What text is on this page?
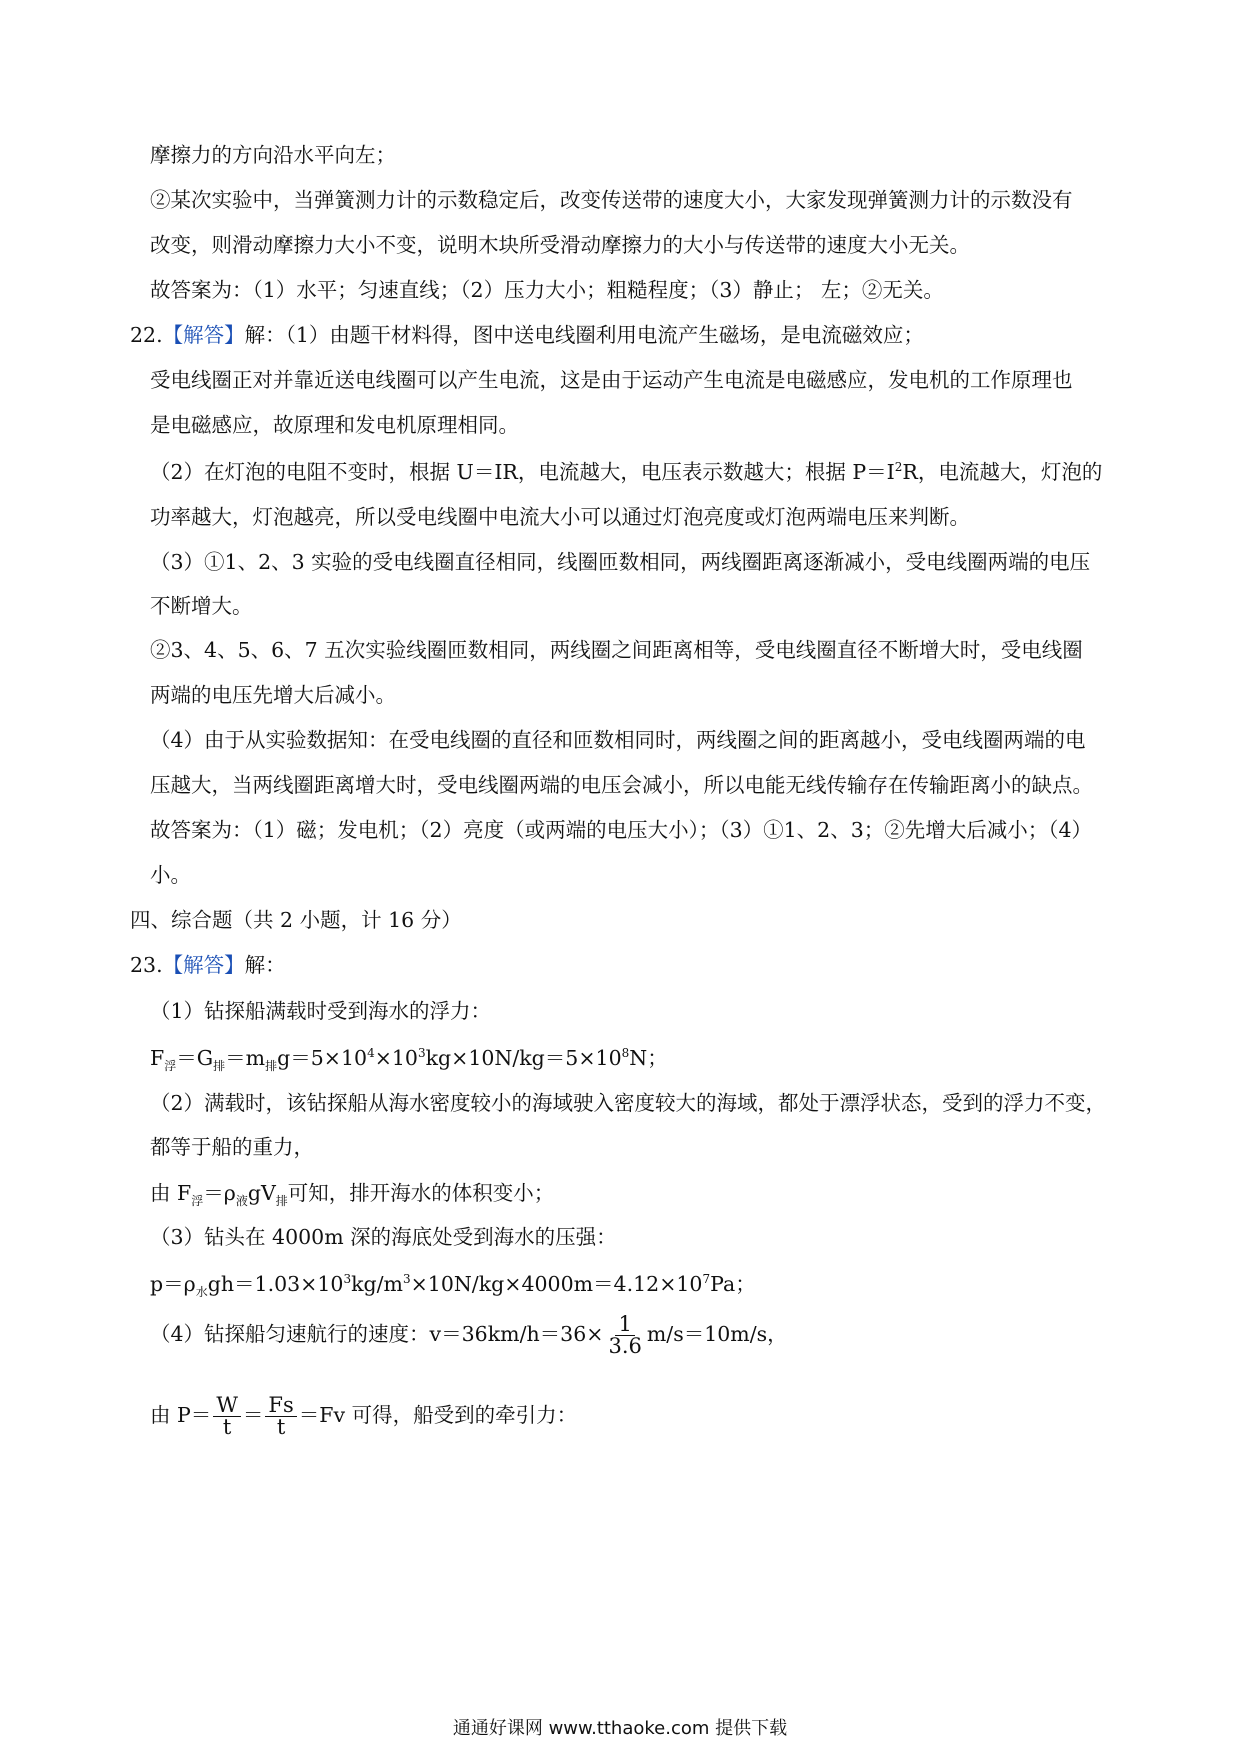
摩擦力的方向沿水平向左；
②某次实验中，当弹簧测力计的示数稳定后，改变传送带的速度大小，大家发现弹簧测力计的示数没有
改变，则滑动摩擦力大小不变，说明木块所受滑动摩擦力的大小与传送带的速度大小无关。
故答案为：（1）水平；匀速直线；（2）压力大小；粗糙程度；（3）静止； 左；②无关。
22.【解答】解：（1）由题干材料得，图中送电线圈利用电流产生磁场，是电流磁效应；
受电线圈正对并靠近送电线圈可以产生电流，这是由于运动产生电流是电磁感应，发电机的工作原理也
是电磁感应，故原理和发电机原理相同。
（2）在灯泡的电阻不变时，根据 U＝IR，电流越大，电压表示数越大；根据 $P=I^2R$，电流越大，灯泡的
功率越大，灯泡越亮，所以受电线圈中电流大小可以通过灯泡亮度或灯泡两端电压来判断。
（3）①1、2、3 实验的受电线圈直径相同，线圈匝数相同，两线圈距离逐渐减小，受电线圈两端的电压
不断增大。
②3、4、5、6、7 五次实验线圈匝数相同，两线圈之间距离相等，受电线圈直径不断增大时，受电线圈
两端的电压先增大后减小。
（4）由于从实验数据知：在受电线圈的直径和匝数相同时，两线圈之间的距离越小，受电线圈两端的电
压越大，当两线圈距离增大时，受电线圈两端的电压会减小，所以电能无线传输存在传输距离小的缺点。
故答案为：（1）磁；发电机；（2）亮度（或两端的电压大小）；（3）①1、2、3；②先增大后减小；（4）
小。
四、综合题（共 2 小题，计 16 分）
23.【解答】解：
（1）钻探船满载时受到海水的浮力：
$F_浮=G_排=m_排g=5\times 10^4\times 10^3kg\times 10N/kg=5\times 10^8N$；
（2）满载时，该钻探船从海水密度较小的海域驶入密度较大的海域，都处于漂浮状态，受到的浮力不变，
都等于船的重力，
由 $F_浮=\rho_液gV_排$可知，排开海水的体积变小；
（3）钻头在 4000m 深的海底处受到海水的压强：
$p=\rho_水gh=1.03\times 10^3kg/m^3\times 10N/kg\times 4000m=4.12\times 10^7Pa$；
（4）钻探船匀速航行的速度：$v=36km/h=36\times \frac{1}{3.6} m/s=10m/s$，
由 $P= \frac{W}{t} = \frac{Fs}{t} =Fv$ 可得，船受到的牵引力：
通通好课网 www.tthaoke.com 提供下载
